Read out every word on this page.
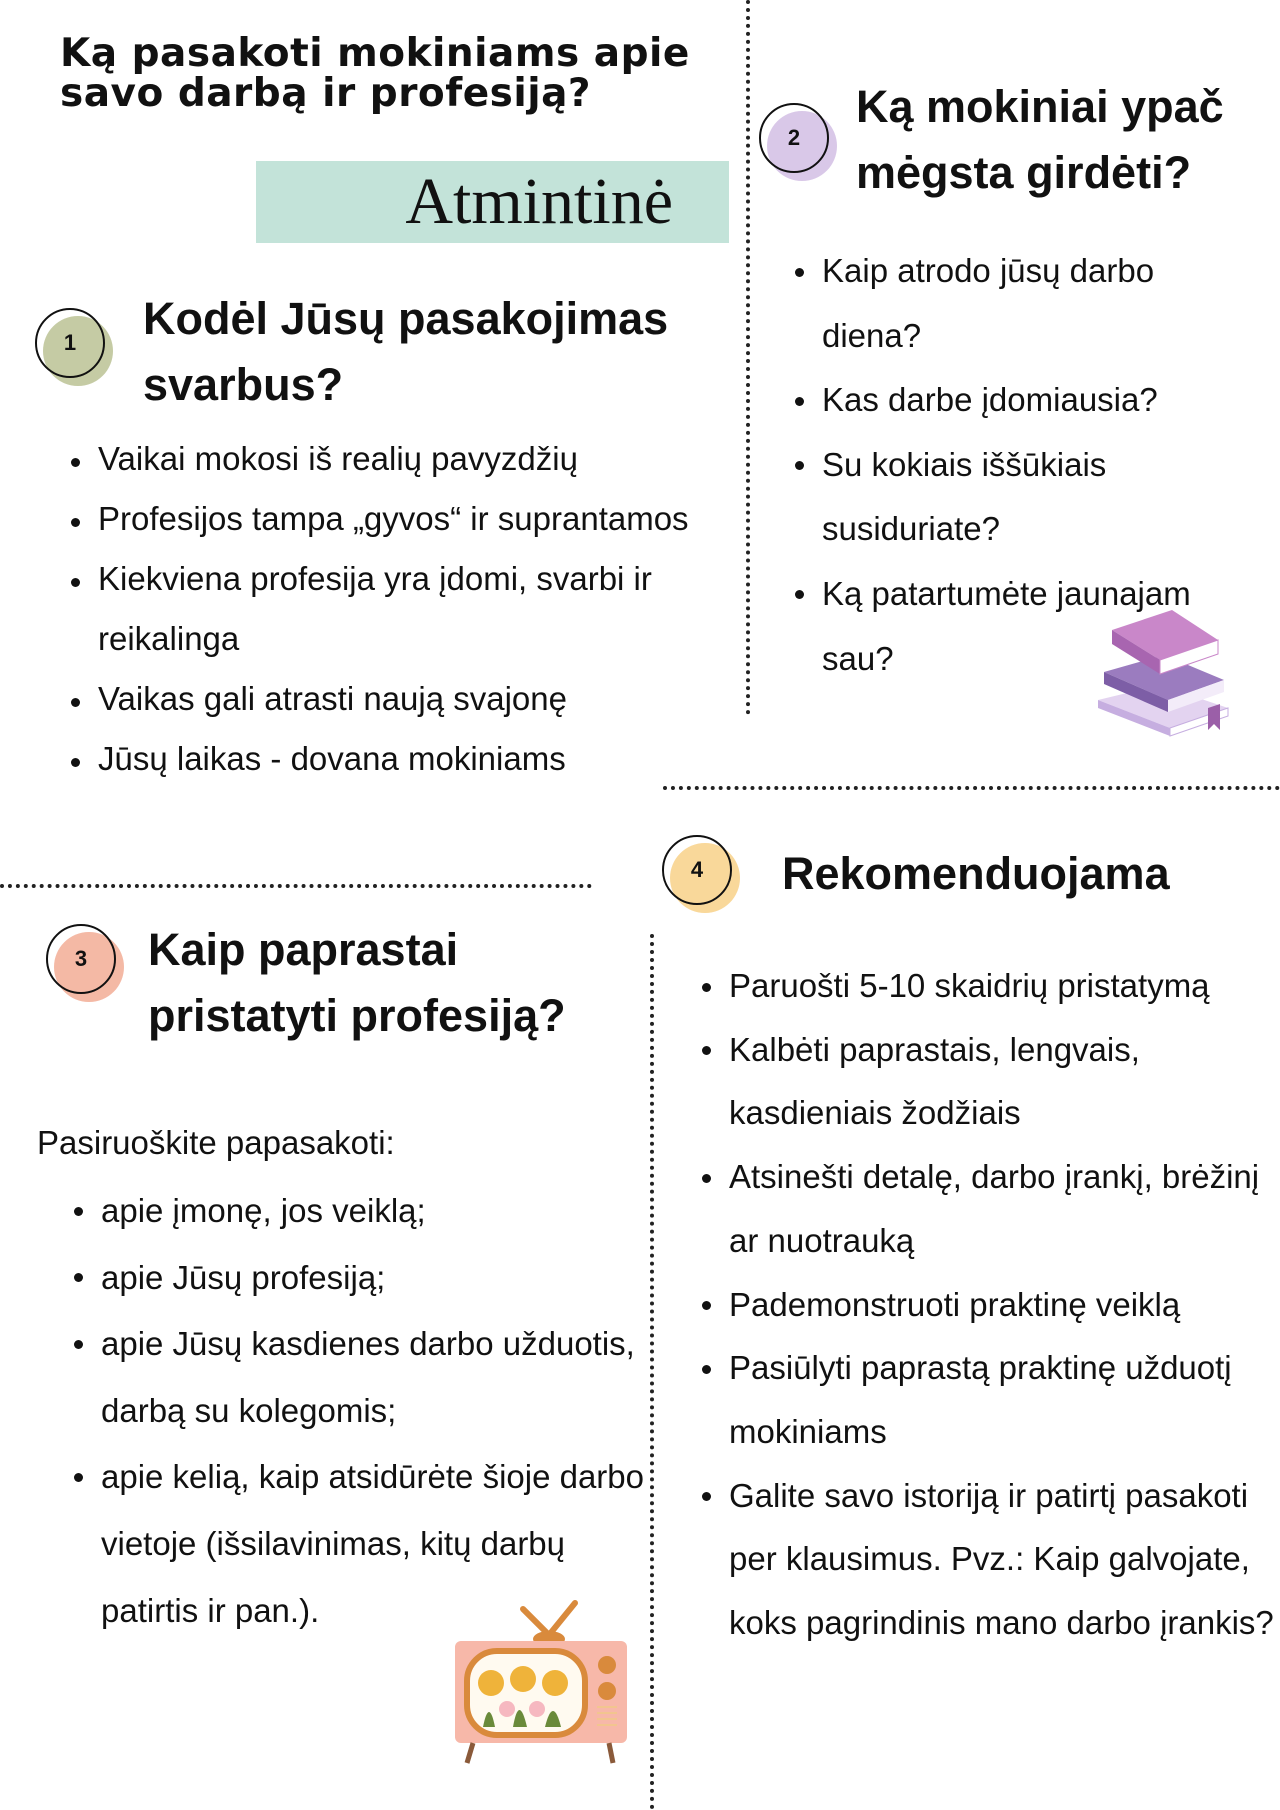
Ką pasakoti mokiniams apie
savo darbą ir profesiją?
Atmintinė
1	Kodėl Jūsų pasakojimas
svarbus?
Vaikai mokosi iš realių pavyzdžių
Profesijos tampa „gyvos“ ir suprantamos
Kiekviena profesija yra įdomi, svarbi ir reikalinga
Vaikas gali atrasti naują svajonę
Jūsų laikas - dovana mokiniams
2
Ką mokiniai ypač
mėgsta girdėti?
Kaip atrodo jūsų darbo diena?
Kas darbe įdomiausia?
Su kokiais iššūkiais susiduriate?
Ką patartumėte jaunajam sau?
4	Rekomenduojama
Paruošti 5-10 skaidrių pristatymą
Kalbėti paprastais, lengvais, kasdieniais žodžiais
Atsinešti detalę, darbo įrankį, brėžinį ar nuotrauką
Pademonstruoti praktinę veiklą
Pasiūlyti paprastą praktinę užduotį mokiniams
Galite savo istoriją ir patirtį pasakoti per klausimus. Pvz.: Kaip galvojate, koks pagrindinis mano darbo įrankis?
3	Kaip paprastai
pristatyti profesiją?
Pasiruoškite papasakoti:
apie įmonę, jos veiklą;
apie Jūsų profesiją;
apie Jūsų kasdienes darbo užduotis, darbą su kolegomis;
apie kelią, kaip atsidūrėte šioje darbo vietoje (išsilavinimas, kitų darbų patirtis ir pan.).
